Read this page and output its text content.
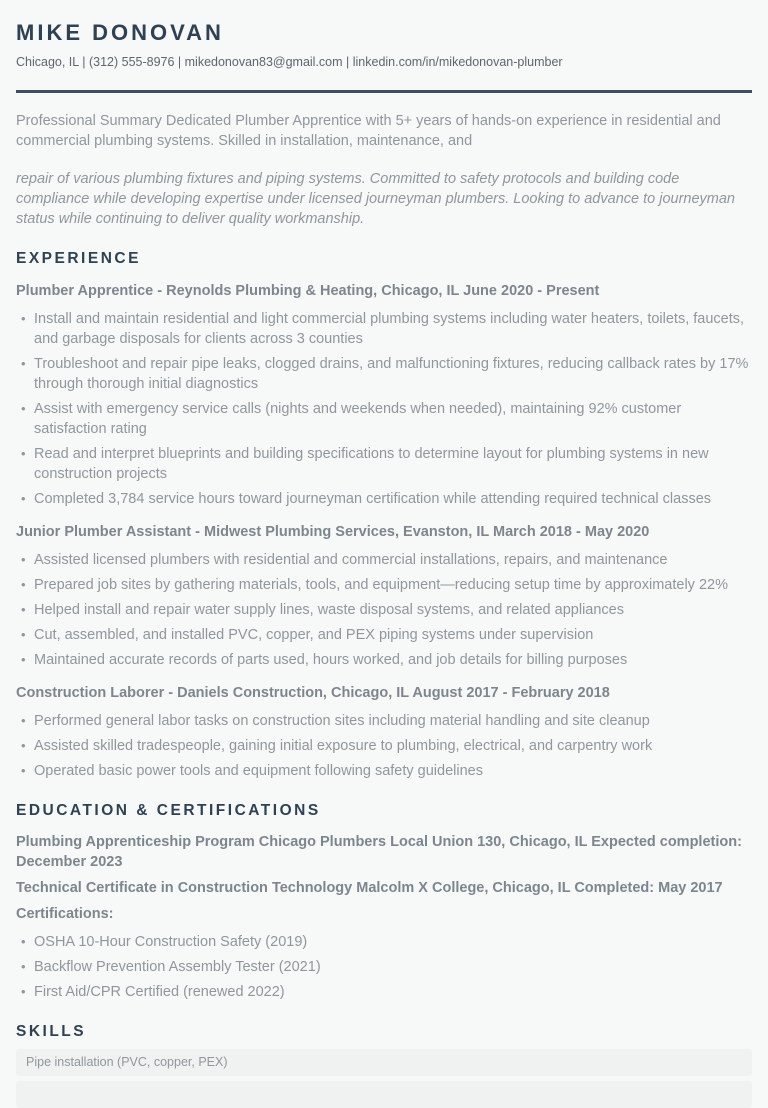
MIKE DONOVAN
Chicago, IL | (312) 555-8976 | mikedonovan83@gmail.com | linkedin.com/in/mikedonovan-plumber

Professional Summary Dedicated Plumber Apprentice with 5+ years of hands-on experience in residential and commercial plumbing systems. Skilled in installation, maintenance, and

repair of various plumbing fixtures and piping systems. Committed to safety protocols and building code compliance while developing expertise under licensed journeyman plumbers. Looking to advance to journeyman status while continuing to deliver quality workmanship.

EXPERIENCE
Plumber Apprentice - Reynolds Plumbing & Heating, Chicago, IL June 2020 - Present
• Install and maintain residential and light commercial plumbing systems including water heaters, toilets, faucets, and garbage disposals for clients across 3 counties
• Troubleshoot and repair pipe leaks, clogged drains, and malfunctioning fixtures, reducing callback rates by 17% through thorough initial diagnostics
• Assist with emergency service calls (nights and weekends when needed), maintaining 92% customer satisfaction rating
• Read and interpret blueprints and building specifications to determine layout for plumbing systems in new construction projects
• Completed 3,784 service hours toward journeyman certification while attending required technical classes
Junior Plumber Assistant - Midwest Plumbing Services, Evanston, IL March 2018 - May 2020
• Assisted licensed plumbers with residential and commercial installations, repairs, and maintenance
• Prepared job sites by gathering materials, tools, and equipment—reducing setup time by approximately 22%
• Helped install and repair water supply lines, waste disposal systems, and related appliances
• Cut, assembled, and installed PVC, copper, and PEX piping systems under supervision
• Maintained accurate records of parts used, hours worked, and job details for billing purposes
Construction Laborer - Daniels Construction, Chicago, IL August 2017 - February 2018
• Performed general labor tasks on construction sites including material handling and site cleanup
• Assisted skilled tradespeople, gaining initial exposure to plumbing, electrical, and carpentry work
• Operated basic power tools and equipment following safety guidelines
EDUCATION & CERTIFICATIONS

Plumbing Apprenticeship Program Chicago Plumbers Local Union 130, Chicago, IL Expected completion: December 2023

Technical Certificate in Construction Technology Malcolm X College, Chicago, IL Completed: May 2017

Certifications:

• OSHA 10-Hour Construction Safety (2019)
• Backflow Prevention Assembly Tester (2021)
• First Aid/CPR Certified (renewed 2022)
SKILLS
Pipe installation (PVC, copper, PEX)
